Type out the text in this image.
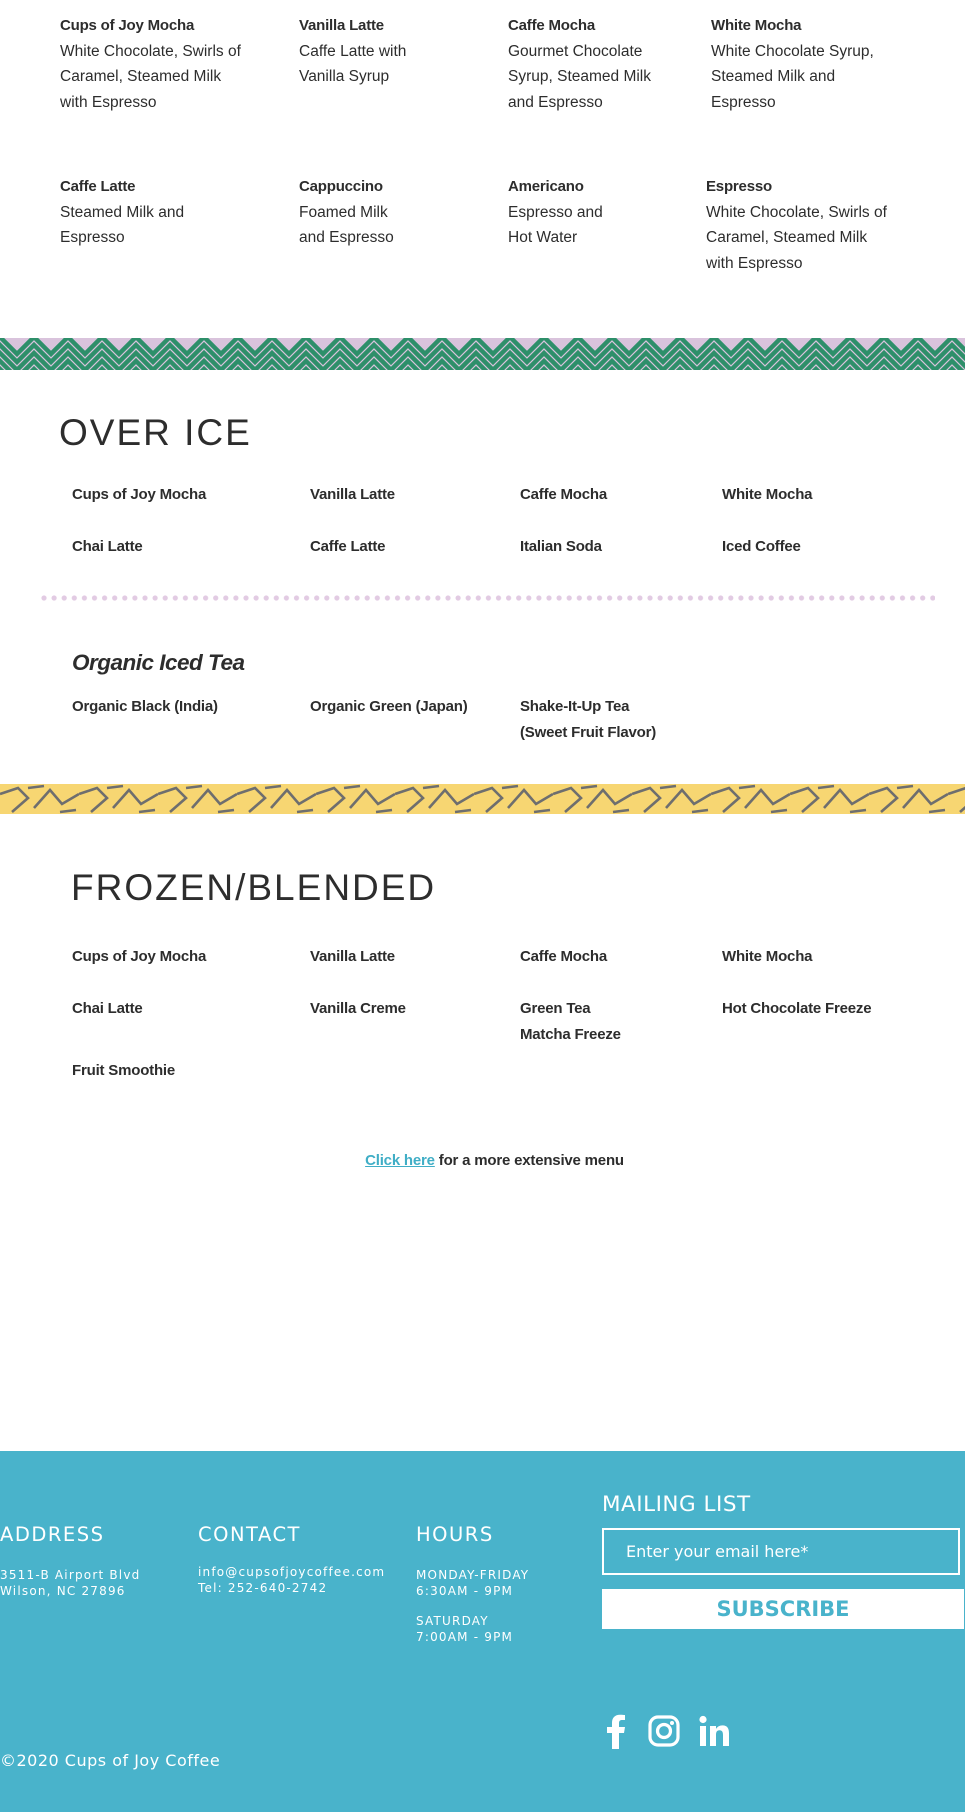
Cups of Joy Mocha
White Chocolate, Swirls of
Caramel, Steamed Milk
with Espresso
Vanilla Latte
Caffe Latte with
Vanilla Syrup
Caffe Mocha
Gourmet Chocolate
Syrup, Steamed Milk
and Espresso
White Mocha
White Chocolate Syrup,
Steamed Milk and
Espresso
Caffe Latte
Steamed Milk and
Espresso
Cappuccino
Foamed Milk
and Espresso
Americano
Espresso and
Hot Water
Espresso
White Chocolate, Swirls of
Caramel, Steamed Milk
with Espresso
OVER ICE
Cups of Joy Mocha	Vanilla Latte	Caffe Mocha	White Mocha
Chai Latte	Caffe Latte	Italian Soda	Iced Coffee
Organic Iced Tea
Organic Black (India)	Organic Green (Japan)	Shake-It-Up Tea
(Sweet Fruit Flavor)
FROZEN/BLENDED
Cups of Joy Mocha	Vanilla Latte	Caffe Mocha	White Mocha
Chai Latte	Vanilla Creme	Green Tea
Matcha Freeze
Hot Chocolate Freeze
Fruit Smoothie
Click here for a more extensive menu
ADDRESS
3511-B Airport Blvd
Wilson, NC 27896
CONTACT
info@cupsofjoycoffee.com
Tel: 252-640-2742
HOURS
MONDAY-FRIDAY
6:30AM - 9PM
SATURDAY
7:00AM - 9PM
MAILING LIST
©2020 Cups of Joy Coffee
Enter your email here*
SUBSCRIBE
